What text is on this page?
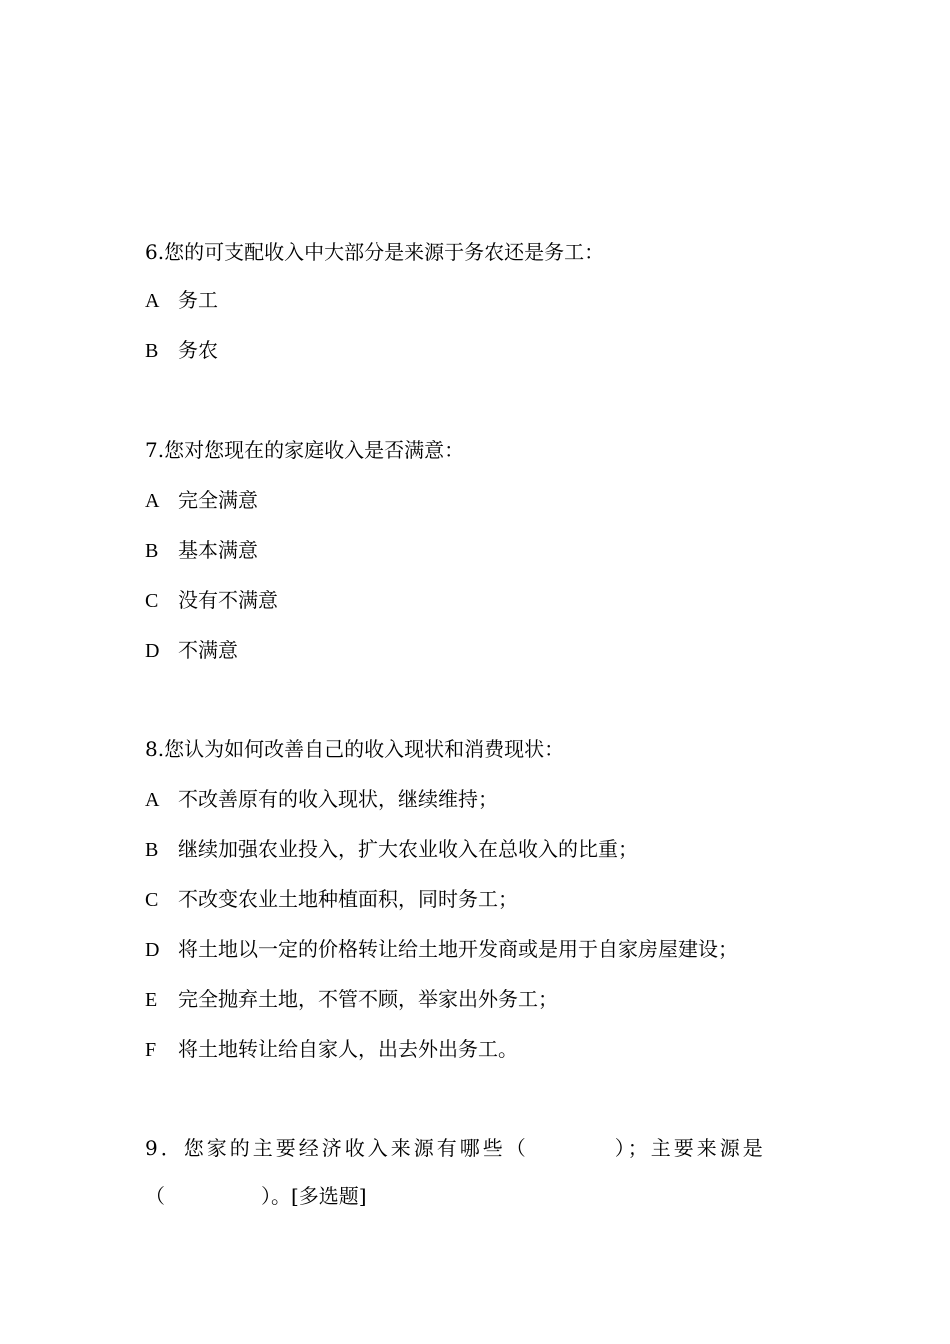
6.您的可支配收入中大部分是来源于务农还是务工：
A 务工
B 务农
7.您对您现在的家庭收入是否满意：
A 完全满意
B 基本满意
C 没有不满意
D 不满意
8.您认为如何改善自己的收入现状和消费现状：
A 不改善原有的收入现状，继续维持；
B 继续加强农业投入，扩大农业收入在总收入的比重；
C 不改变农业土地种植面积，同时务工；
D 将土地以一定的价格转让给土地开发商或是用于自家房屋建设；
E 完全抛弃土地，不管不顾，举家出外务工；
F 将土地转让给自家人，出去外出务工。
9．您家的主要经济收入来源有哪些（	）；主要来源是
（	）。[多选题]
